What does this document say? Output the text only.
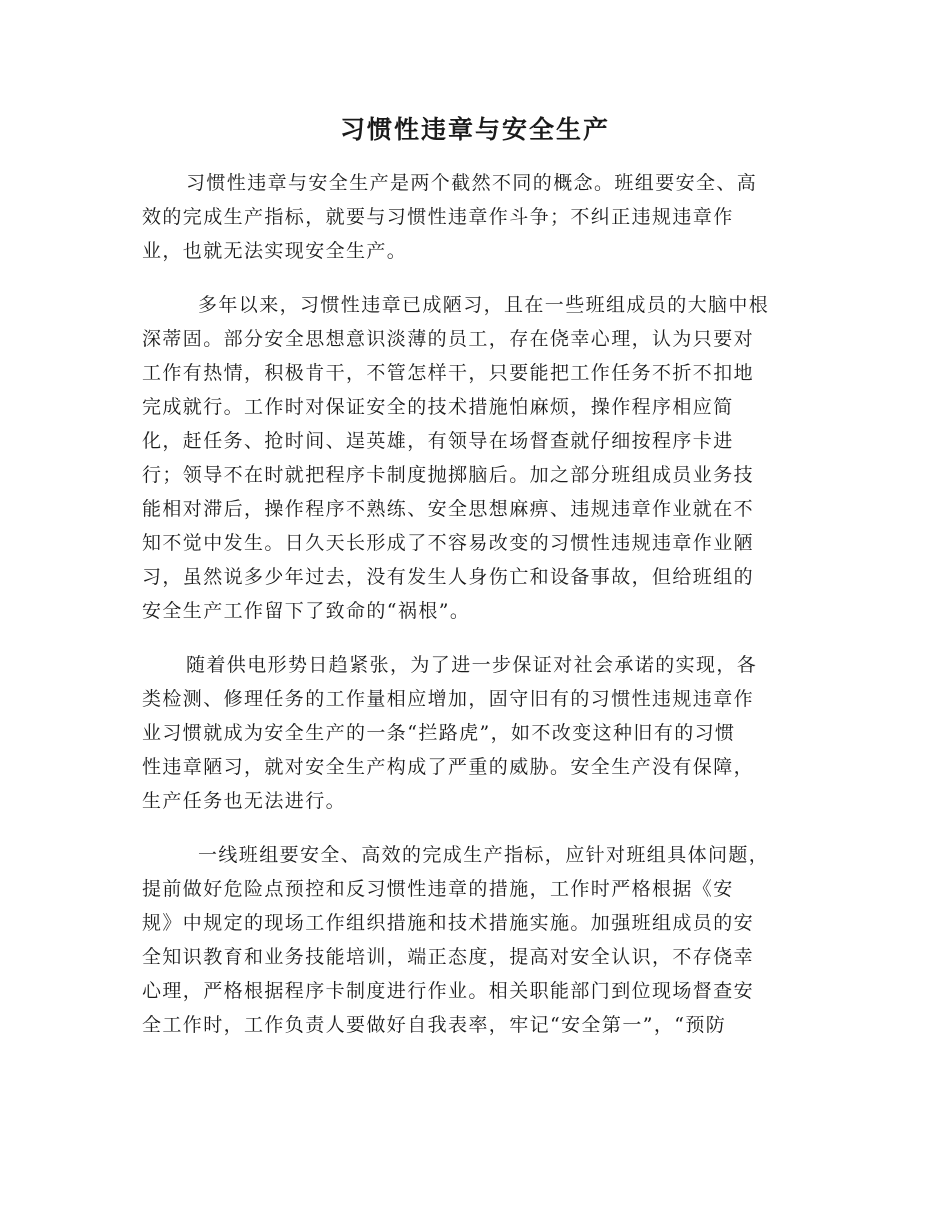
习惯性违章与安全生产

习惯性违章与安全生产是两个截然不同的概念。班组要安全、高
效的完成生产指标，就要与习惯性违章作斗争；不纠正违规违章作
业，也就无法实现安全生产。

多年以来，习惯性违章已成陋习，且在一些班组成员的大脑中根
深蒂固。部分安全思想意识淡薄的员工，存在侥幸心理，认为只要对
工作有热情，积极肯干，不管怎样干，只要能把工作任务不折不扣地
完成就行。工作时对保证安全的技术措施怕麻烦，操作程序相应简
化，赶任务、抢时间、逞英雄，有领导在场督查就仔细按程序卡进
行；领导不在时就把程序卡制度抛掷脑后。加之部分班组成员业务技
能相对滞后，操作程序不熟练、安全思想麻痹、违规违章作业就在不
知不觉中发生。日久天长形成了不容易改变的习惯性违规违章作业陋
习，虽然说多少年过去，没有发生人身伤亡和设备事故，但给班组的
安全生产工作留下了致命的“祸根”。

随着供电形势日趋紧张，为了进一步保证对社会承诺的实现，各
类检测、修理任务的工作量相应增加，固守旧有的习惯性违规违章作
业习惯就成为安全生产的一条“拦路虎”，如不改变这种旧有的习惯
性违章陋习，就对安全生产构成了严重的威胁。安全生产没有保障，
生产任务也无法进行。

一线班组要安全、高效的完成生产指标，应针对班组具体问题，
提前做好危险点预控和反习惯性违章的措施，工作时严格根据《安
规》中规定的现场工作组织措施和技术措施实施。加强班组成员的安
全知识教育和业务技能培训，端正态度，提高对安全认识，不存侥幸
心理，严格根据程序卡制度进行作业。相关职能部门到位现场督查安
全工作时，工作负责人要做好自我表率，牢记“安全第一”，“预防
